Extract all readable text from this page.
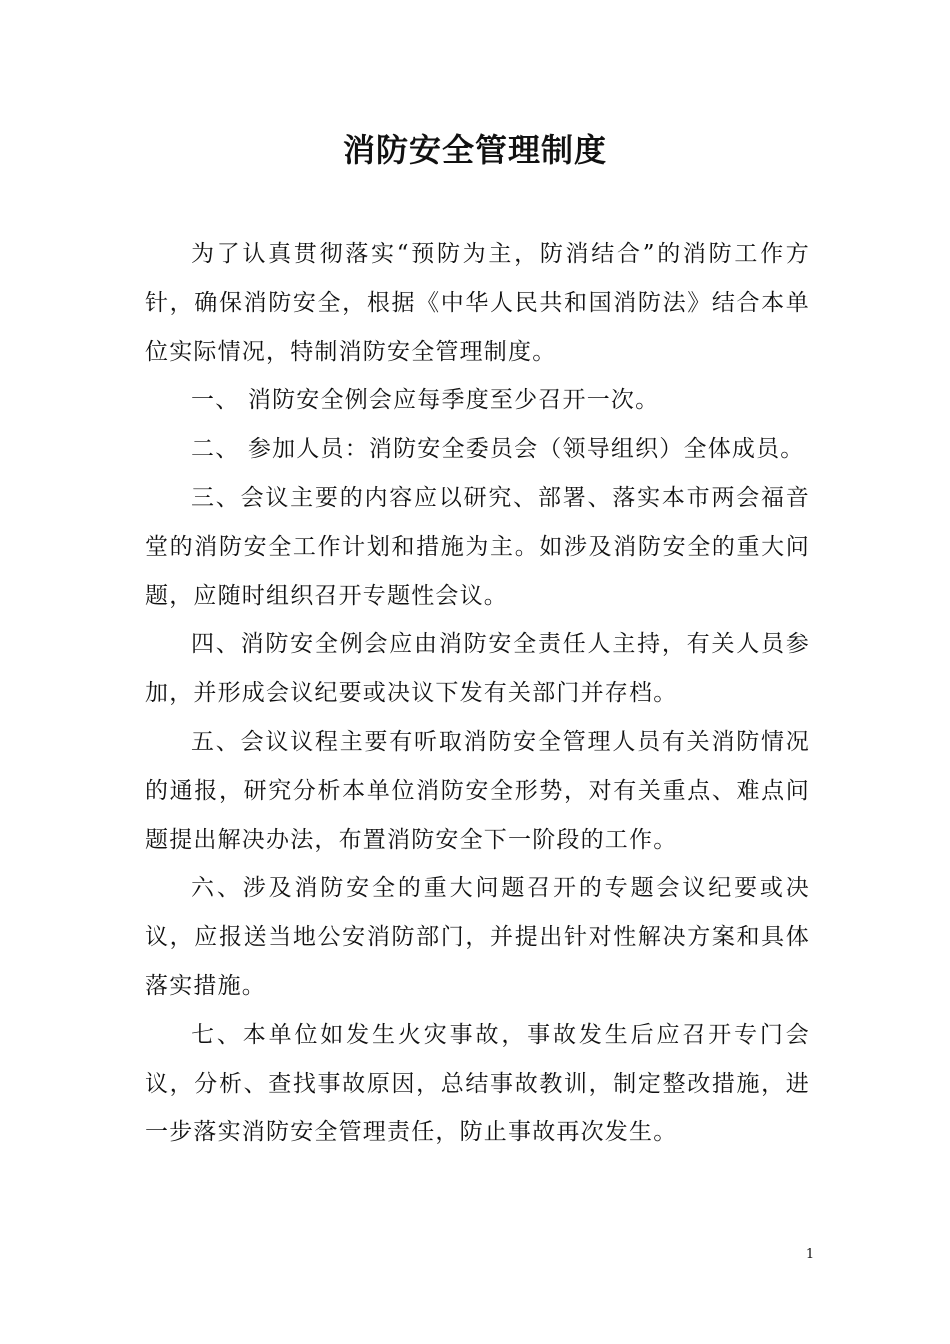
消防安全管理制度

为了认真贯彻落实“预防为主，防消结合”的消防工作方针，确保消防安全，根据《中华人民共和国消防法》结合本单位实际情况，特制消防安全管理制度。

一、 消防安全例会应每季度至少召开一次。

二、 参加人员：消防安全委员会（领导组织）全体成员。

三、会议主要的内容应以研究、部署、落实本市两会福音堂的消防安全工作计划和措施为主。如涉及消防安全的重大问题，应随时组织召开专题性会议。

四、消防安全例会应由消防安全责任人主持，有关人员参加，并形成会议纪要或决议下发有关部门并存档。

五、会议议程主要有听取消防安全管理人员有关消防情况的通报，研究分析本单位消防安全形势，对有关重点、难点问题提出解决办法，布置消防安全下一阶段的工作。

六、涉及消防安全的重大问题召开的专题会议纪要或决议，应报送当地公安消防部门，并提出针对性解决方案和具体落实措施。

七、本单位如发生火灾事故，事故发生后应召开专门会议，分析、查找事故原因，总结事故教训，制定整改措施，进一步落实消防安全管理责任，防止事故再次发生。

1
